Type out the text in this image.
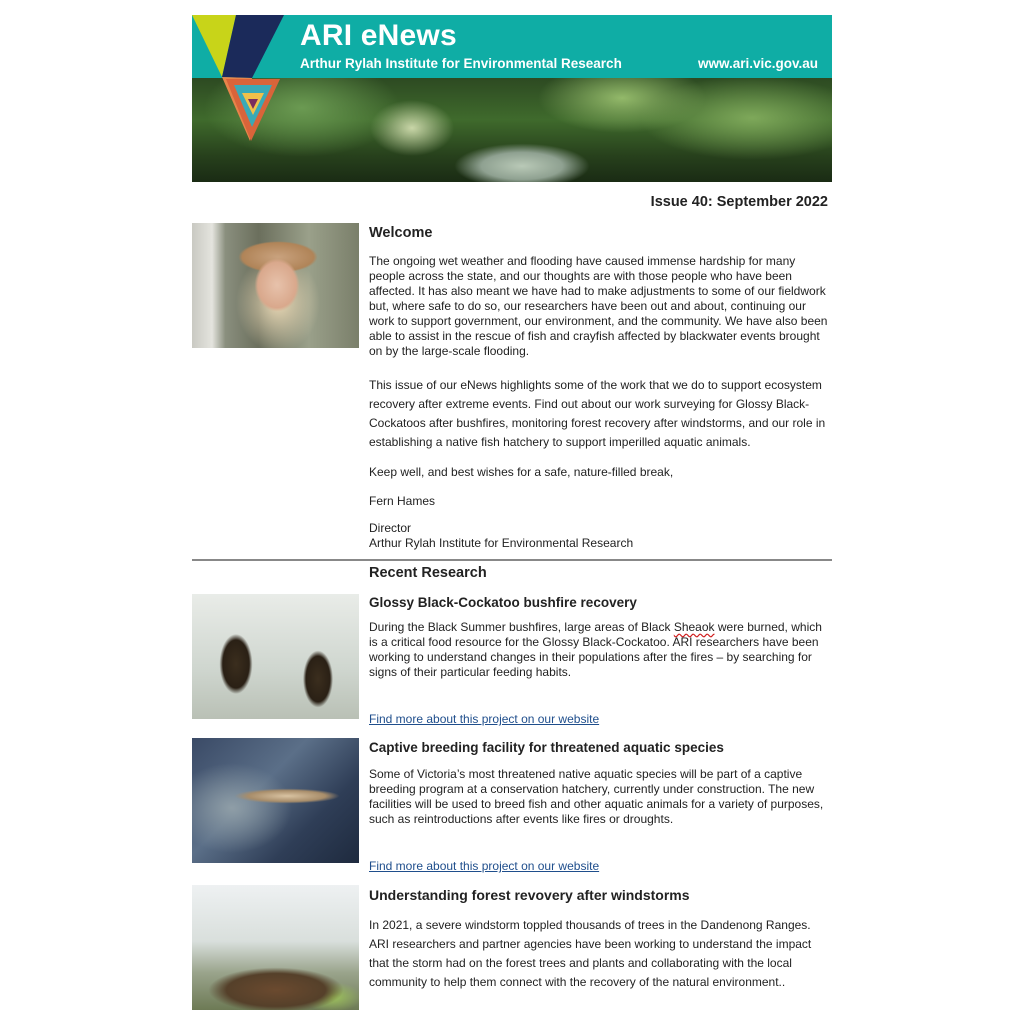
ARI eNews
Arthur Rylah Institute for Environmental Research	www.ari.vic.gov.au
Issue 40: September 2022
Welcome

The ongoing wet weather and flooding have caused immense hardship for many people across the state, and our thoughts are with those people who have been affected. It has also meant we have had to make adjustments to some of our fieldwork but, where safe to do so, our researchers have been out and about, continuing our work to support government, our environment, and the community. We have also been able to assist in the rescue of fish and crayfish affected by blackwater events brought on by the large-scale flooding.

This issue of our eNews highlights some of the work that we do to support ecosystem recovery after extreme events. Find out about our work surveying for Glossy Black-Cockatoos after bushfires, monitoring forest recovery after windstorms, and our role in establishing a native fish hatchery to support imperilled aquatic animals.

Keep well, and best wishes for a safe, nature-filled break,

Fern Hames

Director

Arthur Rylah Institute for Environmental Research

Recent Research
Glossy Black-Cockatoo bushfire recovery

During the Black Summer bushfires, large areas of Black Sheaok were burned, which is a critical food resource for the Glossy Black-Cockatoo. ARI researchers have been working to understand changes in their populations after the fires – by searching for signs of their particular feeding habits.

Find more about this project on our website
Captive breeding facility for threatened aquatic species

Some of Victoria’s most threatened native aquatic species will be part of a captive breeding program at a conservation hatchery, currently under construction. The new facilities will be used to breed fish and other aquatic animals for a variety of purposes, such as reintroductions after events like fires or droughts.

Find more about this project on our website
Understanding forest revovery after windstorms

In 2021, a severe windstorm toppled thousands of trees in the Dandenong Ranges. ARI researchers and partner agencies have been working to understand the impact that the storm had on the forest trees and plants and collaborating with the local community to help them connect with the recovery of the natural environment..
